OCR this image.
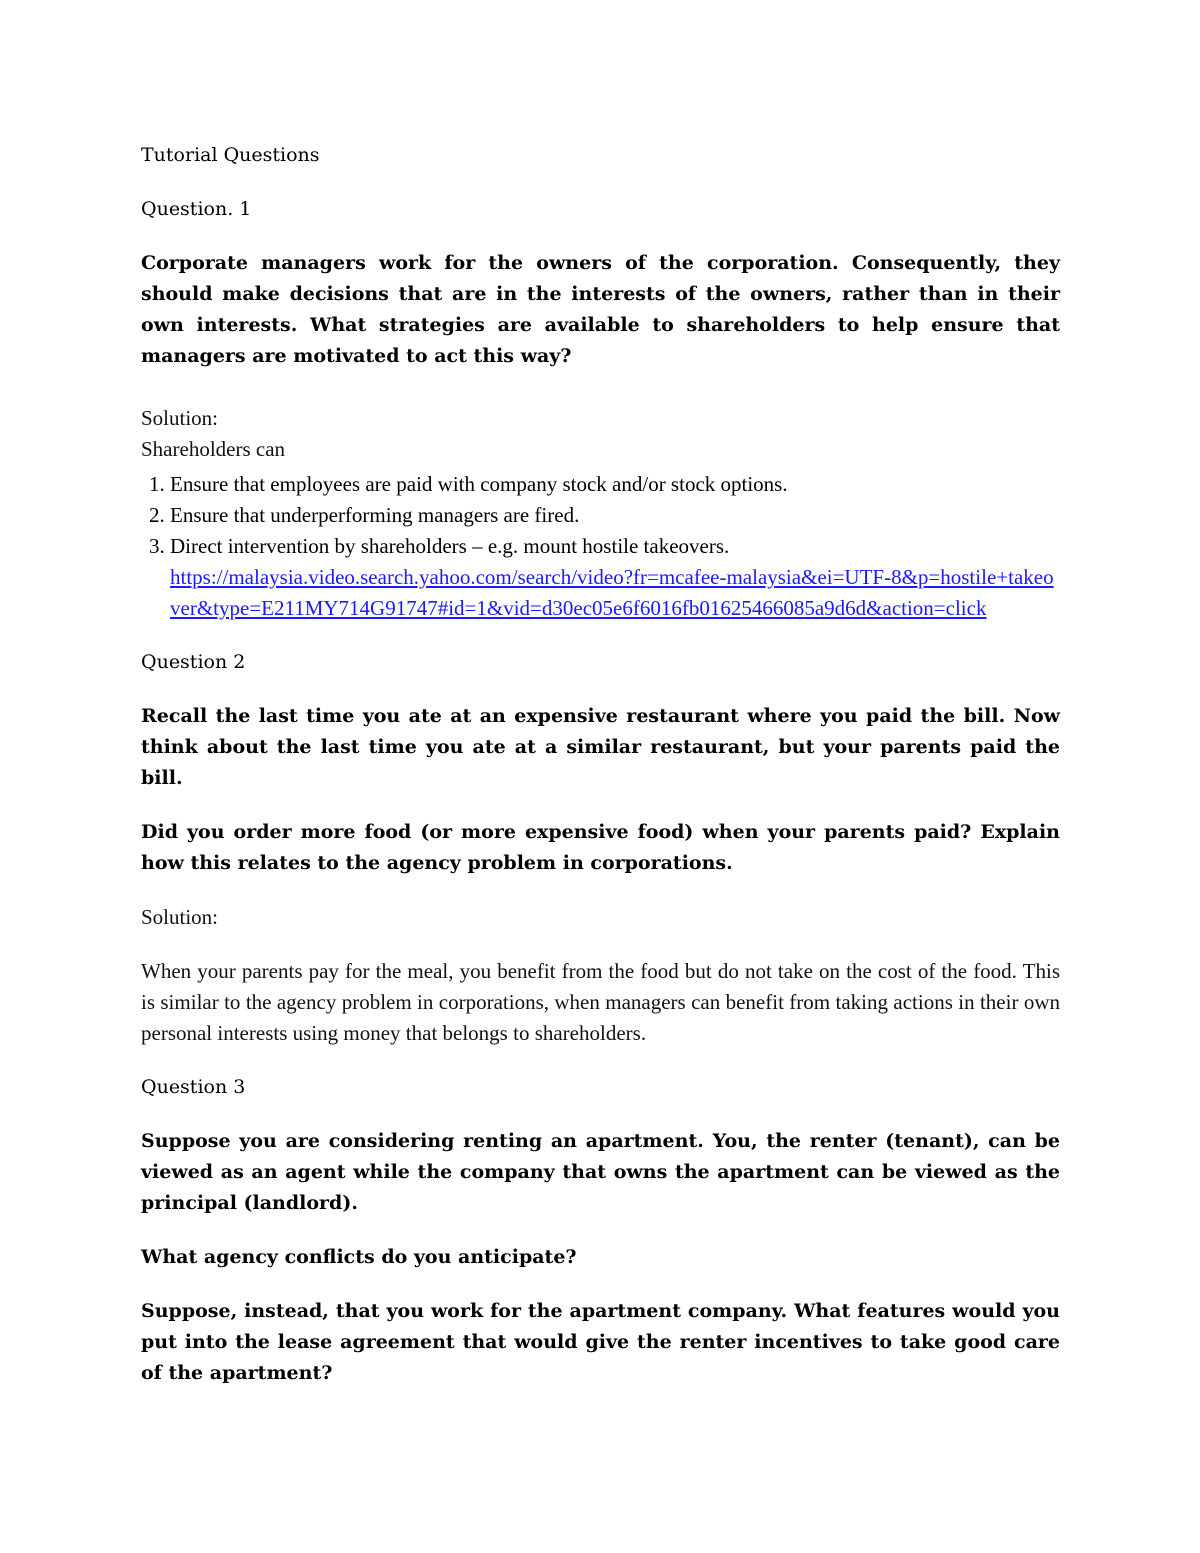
Tutorial Questions

Question. 1

Corporate managers work for the owners of the corporation. Consequently, they should make decisions that are in the interests of the owners, rather than in their own interests. What strategies are available to shareholders to help ensure that managers are motivated to act this way?

Solution:

Shareholders can

1. Ensure that employees are paid with company stock and/or stock options.
2. Ensure that underperforming managers are fired.
3. Direct intervention by shareholders – e.g. mount hostile takeovers.
https://malaysia.video.search.yahoo.com/search/video?fr=mcafee-malaysia&ei=UTF-8&p=hostile+takeover&type=E211MY714G91747#id=1&vid=d30ec05e6f6016fb01625466085a9d6d&action=click

Question 2

Recall the last time you ate at an expensive restaurant where you paid the bill. Now think about the last time you ate at a similar restaurant, but your parents paid the bill.

Did you order more food (or more expensive food) when your parents paid? Explain how this relates to the agency problem in corporations.

Solution:

When your parents pay for the meal, you benefit from the food but do not take on the cost of the food. This is similar to the agency problem in corporations, when managers can benefit from taking actions in their own personal interests using money that belongs to shareholders.

Question 3

Suppose you are considering renting an apartment. You, the renter (tenant), can be viewed as an agent while the company that owns the apartment can be viewed as the principal (landlord).

What agency conflicts do you anticipate?

Suppose, instead, that you work for the apartment company. What features would you put into the lease agreement that would give the renter incentives to take good care of the apartment?
